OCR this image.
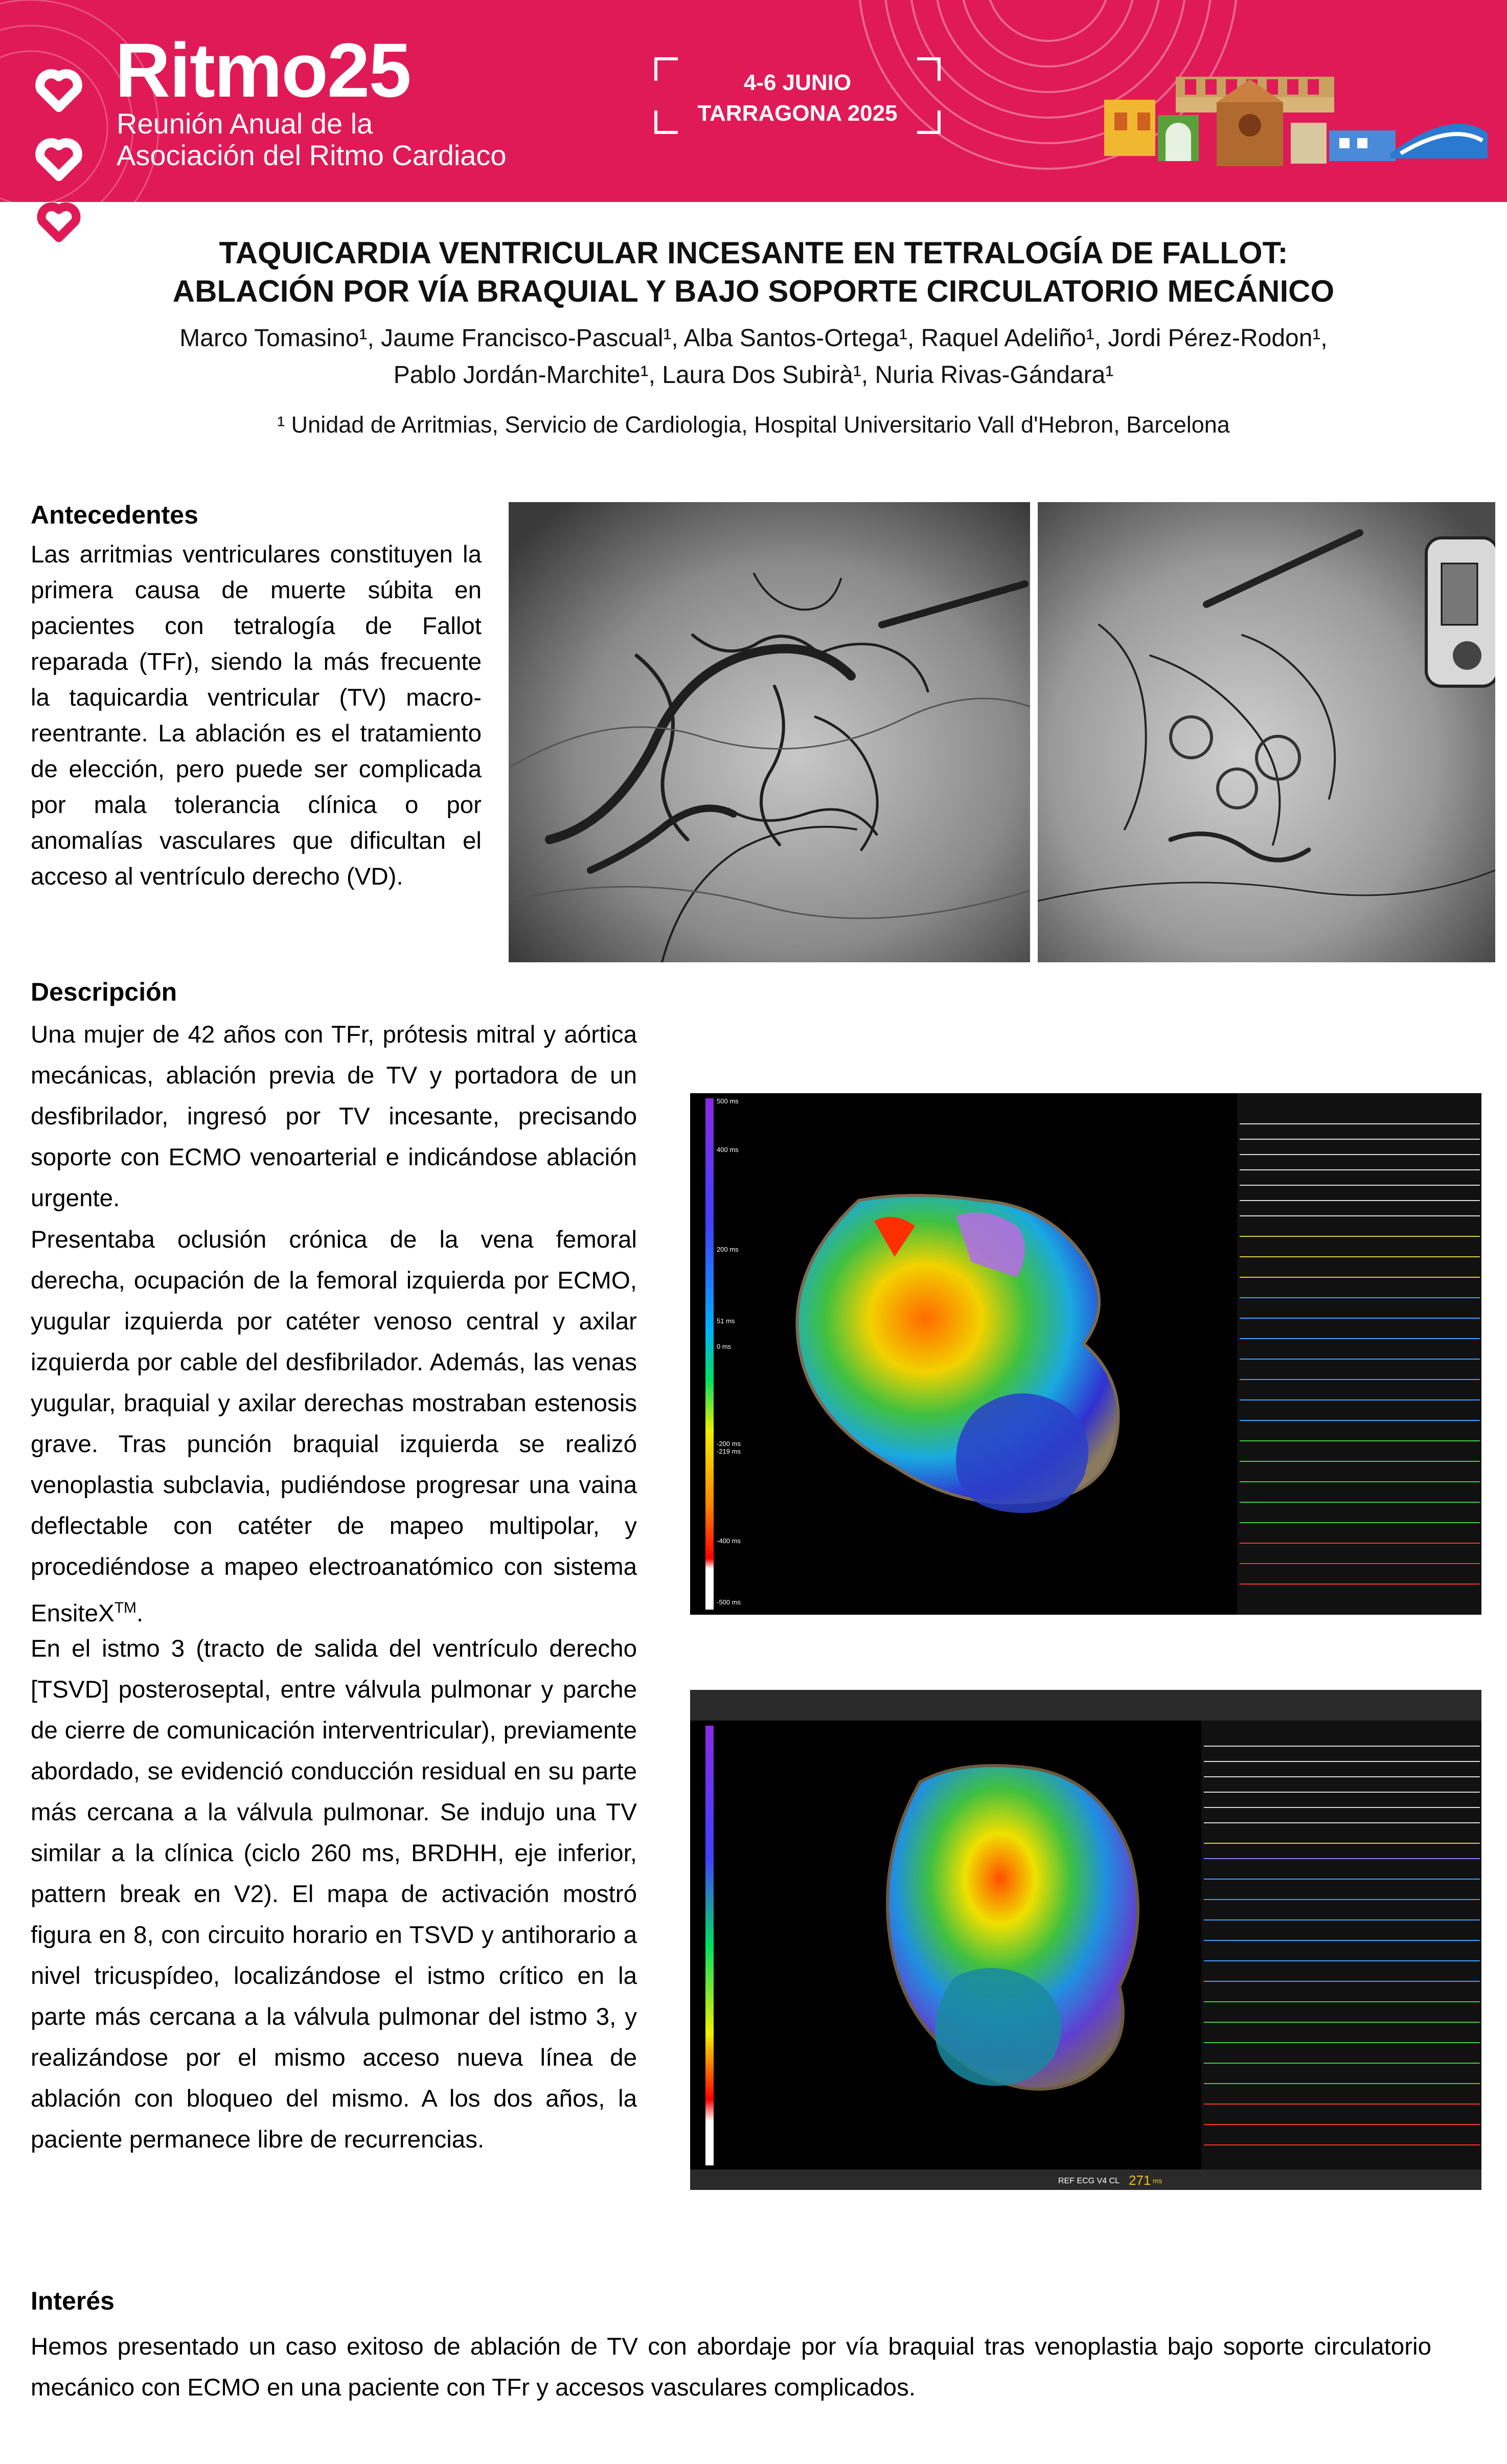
Ritmo25
Reunión Anual de la
Asociación del Ritmo Cardiaco
4-6 JUNIO
TARRAGONA 2025
TAQUICARDIA VENTRICULAR INCESANTE EN TETRALOGÍA DE FALLOT:
ABLACIÓN POR VÍA BRAQUIAL Y BAJO SOPORTE CIRCULATORIO MECÁNICO
Marco Tomasino¹, Jaume Francisco-Pascual¹, Alba Santos-Ortega¹, Raquel Adeliño¹, Jordi Pérez-Rodon¹,
Pablo Jordán-Marchite¹, Laura Dos Subirà¹, Nuria Rivas-Gándara¹
¹ Unidad de Arritmias, Servicio de Cardiologia, Hospital Universitario Vall d'Hebron, Barcelona
Antecedentes
Las arritmias ventriculares constituyen la primera causa de muerte súbita en pacientes con tetralogía de Fallot reparada (TFr), siendo la más frecuente la taquicardia ventricular (TV) macro-reentrante. La ablación es el tratamiento de elección, pero puede ser complicada por mala tolerancia clínica o por anomalías vasculares que dificultan el acceso al ventrículo derecho (VD).
Descripción
Una mujer de 42 años con TFr, prótesis mitral y aórtica mecánicas, ablación previa de TV y portadora de un desfibrilador, ingresó por TV incesante, precisando soporte con ECMO venoarterial e indicándose ablación urgente.
Presentaba oclusión crónica de la vena femoral derecha, ocupación de la femoral izquierda por ECMO, yugular izquierda por catéter venoso central y axilar izquierda por cable del desfibrilador. Además, las venas yugular, braquial y axilar derechas mostraban estenosis grave. Tras punción braquial izquierda se realizó venoplastia subclavia, pudiéndose progresar una vaina deflectable con catéter de mapeo multipolar, y procediéndose a mapeo electroanatómico con sistema EnsiteX™.
En el istmo 3 (tracto de salida del ventrículo derecho [TSVD] posteroseptal, entre válvula pulmonar y parche de cierre de comunicación interventricular), previamente abordado, se evidenció conducción residual en su parte más cercana a la válvula pulmonar. Se indujo una TV similar a la clínica (ciclo 260 ms, BRDHH, eje inferior, pattern break en V2). El mapa de activación mostró figura en 8, con circuito horario en TSVD y antihorario a nivel tricuspídeo, localizándose el istmo crítico en la parte más cercana a la válvula pulmonar del istmo 3, y realizándose por el mismo acceso nueva línea de ablación con bloqueo del mismo. A los dos años, la paciente permanece libre de recurrencias.
500 ms
400 ms
200 ms
51 ms
0 ms
-200 ms
-219 ms
-400 ms
-500 ms
REF ECG V4 CL 271 ms
Interés
Hemos presentado un caso exitoso de ablación de TV con abordaje por vía braquial tras venoplastia bajo soporte circulatorio mecánico con ECMO en una paciente con TFr y accesos vasculares complicados.
